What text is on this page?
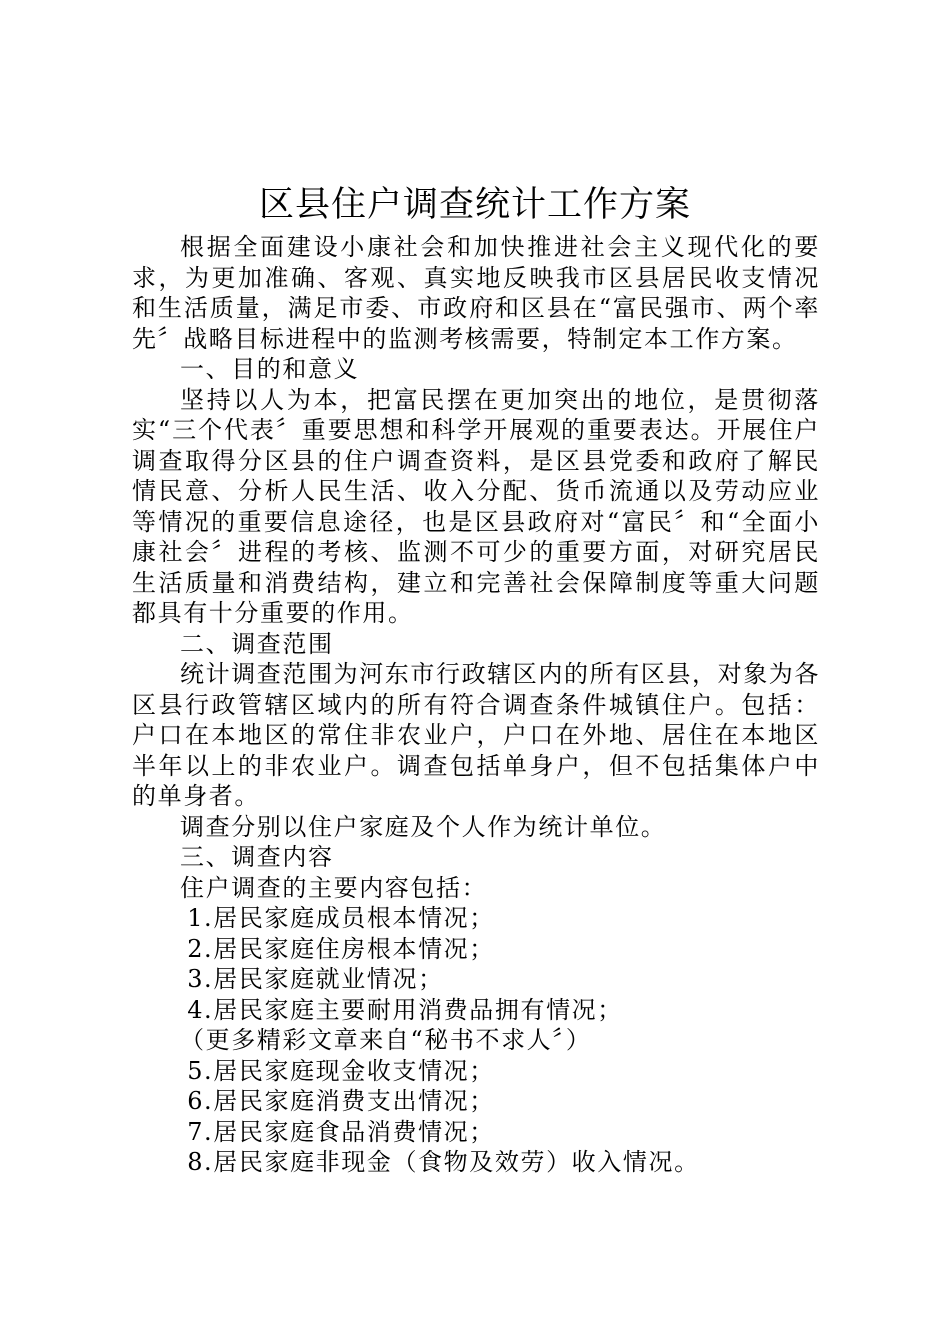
区县住户调查统计工作方案

根据全面建设小康社会和加快推进社会主义现代化的要求，为更加准确、客观、真实地反映我市区县居民收支情况和生活质量，满足市委、市政府和区县在“富民强市、两个率先〞战略目标进程中的监测考核需要，特制定本工作方案。

一、目的和意义

坚持以人为本，把富民摆在更加突出的地位，是贯彻落实“三个代表〞重要思想和科学开展观的重要表达。开展住户调查取得分区县的住户调查资料，是区县党委和政府了解民情民意、分析人民生活、收入分配、货币流通以及劳动应业等情况的重要信息途径，也是区县政府对“富民〞和“全面小康社会〞进程的考核、监测不可少的重要方面，对研究居民生活质量和消费结构，建立和完善社会保障制度等重大问题都具有十分重要的作用。

二、调查范围

统计调查范围为河东市行政辖区内的所有区县，对象为各区县行政管辖区域内的所有符合调查条件城镇住户。包括：户口在本地区的常住非农业户，户口在外地、居住在本地区半年以上的非农业户。调查包括单身户，但不包括集体户中的单身者。

调查分别以住户家庭及个人作为统计单位。

三、调查内容

住户调查的主要内容包括：

1.居民家庭成员根本情况；

2.居民家庭住房根本情况；

3.居民家庭就业情况；

4.居民家庭主要耐用消费品拥有情况；

（更多精彩文章来自“秘书不求人〞）

5.居民家庭现金收支情况；

6.居民家庭消费支出情况；

7.居民家庭食品消费情况；

8.居民家庭非现金（食物及效劳）收入情况。
